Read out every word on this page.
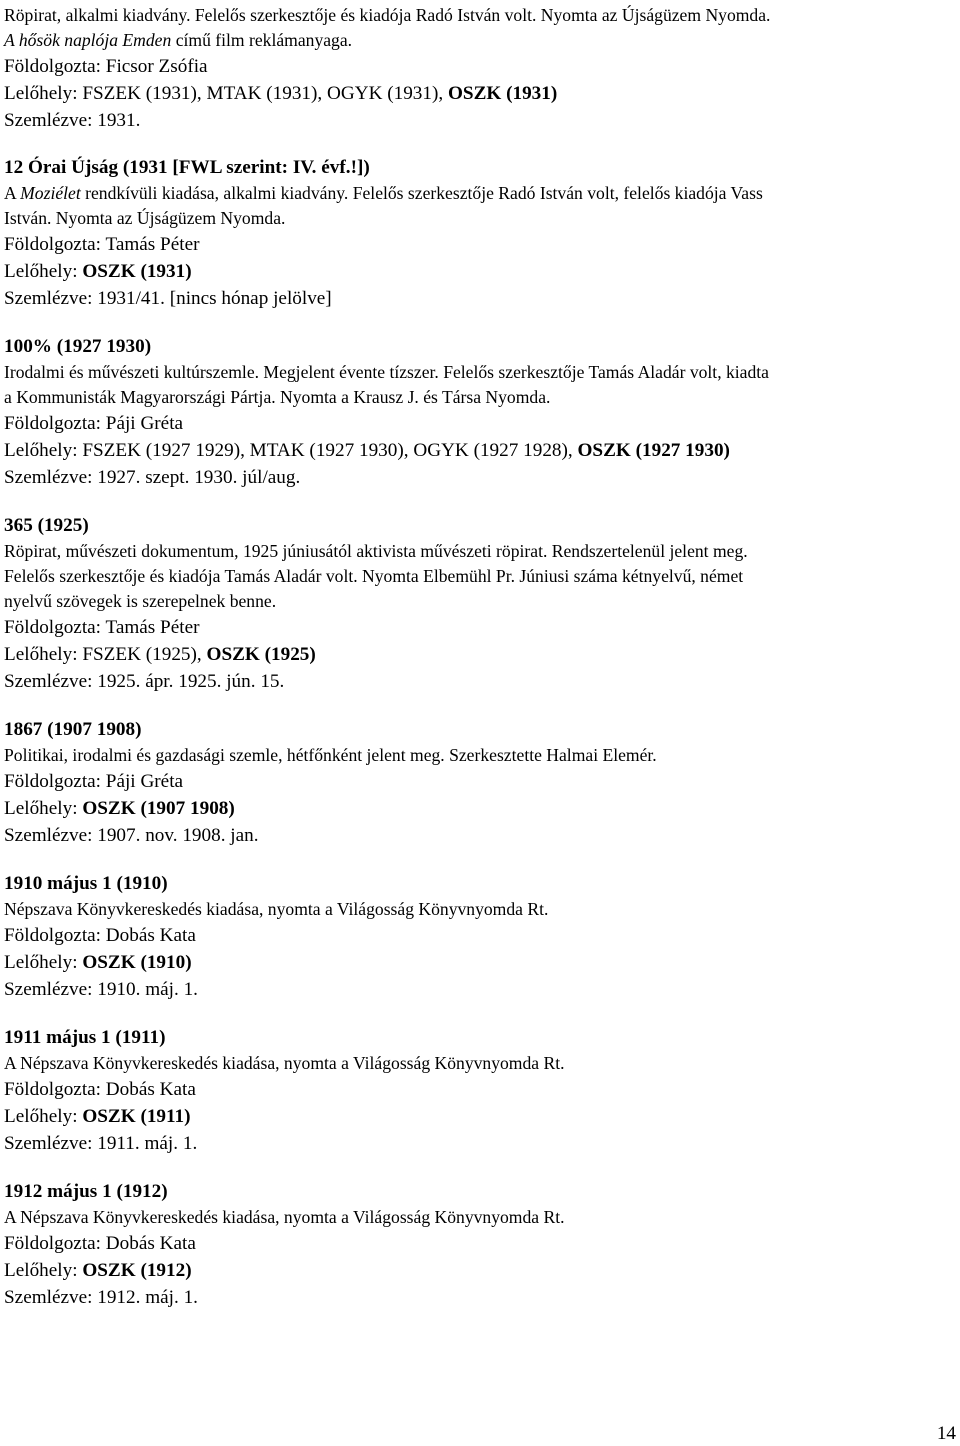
Röpirat, alkalmi kiadvány. Felelős szerkesztője és kiadója Radó István volt. Nyomta az Újságüzem Nyomda.
A hősök naplója Emden című film reklámanyaga.
Földolgozta: Ficsor Zsófia
Lelőhely: FSZEK (1931), MTAK (1931), OGYK (1931), OSZK (1931)
Szemlézve: 1931.
12 Órai Újság (1931 [FWL szerint: IV. évf.!])
A Moziélet rendkívüli kiadása, alkalmi kiadvány. Felelős szerkesztője Radó István volt, felelős kiadója Vass
István. Nyomta az Újságüzem Nyomda.
Földolgozta: Tamás Péter
Lelőhely: OSZK (1931)
Szemlézve: 1931/41. [nincs hónap jelölve]
100% (1927 1930)
Irodalmi és művészeti kultúrszemle. Megjelent évente tízszer. Felelős szerkesztője Tamás Aladár volt, kiadta
a Kommunisták Magyarországi Pártja. Nyomta a Krausz J. és Társa Nyomda.
Földolgozta: Páji Gréta
Lelőhely: FSZEK (1927 1929), MTAK (1927 1930), OGYK (1927 1928), OSZK (1927 1930)
Szemlézve: 1927. szept. 1930. júl/aug.
365 (1925)
Röpirat, művészeti dokumentum, 1925 júniusától aktivista művészeti röpirat. Rendszertelenül jelent meg.
Felelős szerkesztője és kiadója Tamás Aladár volt. Nyomta Elbemühl Pr. Júniusi száma kétnyelvű, német
nyelvű szövegek is szerepelnek benne.
Földolgozta: Tamás Péter
Lelőhely: FSZEK (1925), OSZK (1925)
Szemlézve: 1925. ápr. 1925. jún. 15.
1867 (1907 1908)
Politikai, irodalmi és gazdasági szemle, hétfőnként jelent meg. Szerkesztette Halmai Elemér.
Földolgozta: Páji Gréta
Lelőhely: OSZK (1907 1908)
Szemlézve: 1907. nov. 1908. jan.
1910 május 1 (1910)
Népszava Könyvkereskedés kiadása, nyomta a Világosság Könyvnyomda Rt.
Földolgozta: Dobás Kata
Lelőhely: OSZK (1910)
Szemlézve: 1910. máj. 1.
1911 május 1 (1911)
A Népszava Könyvkereskedés kiadása, nyomta a Világosság Könyvnyomda Rt.
Földolgozta: Dobás Kata
Lelőhely: OSZK (1911)
Szemlézve: 1911. máj. 1.
1912 május 1 (1912)
A Népszava Könyvkereskedés kiadása, nyomta a Világosság Könyvnyomda Rt.
Földolgozta: Dobás Kata
Lelőhely: OSZK (1912)
Szemlézve: 1912. máj. 1.
14
